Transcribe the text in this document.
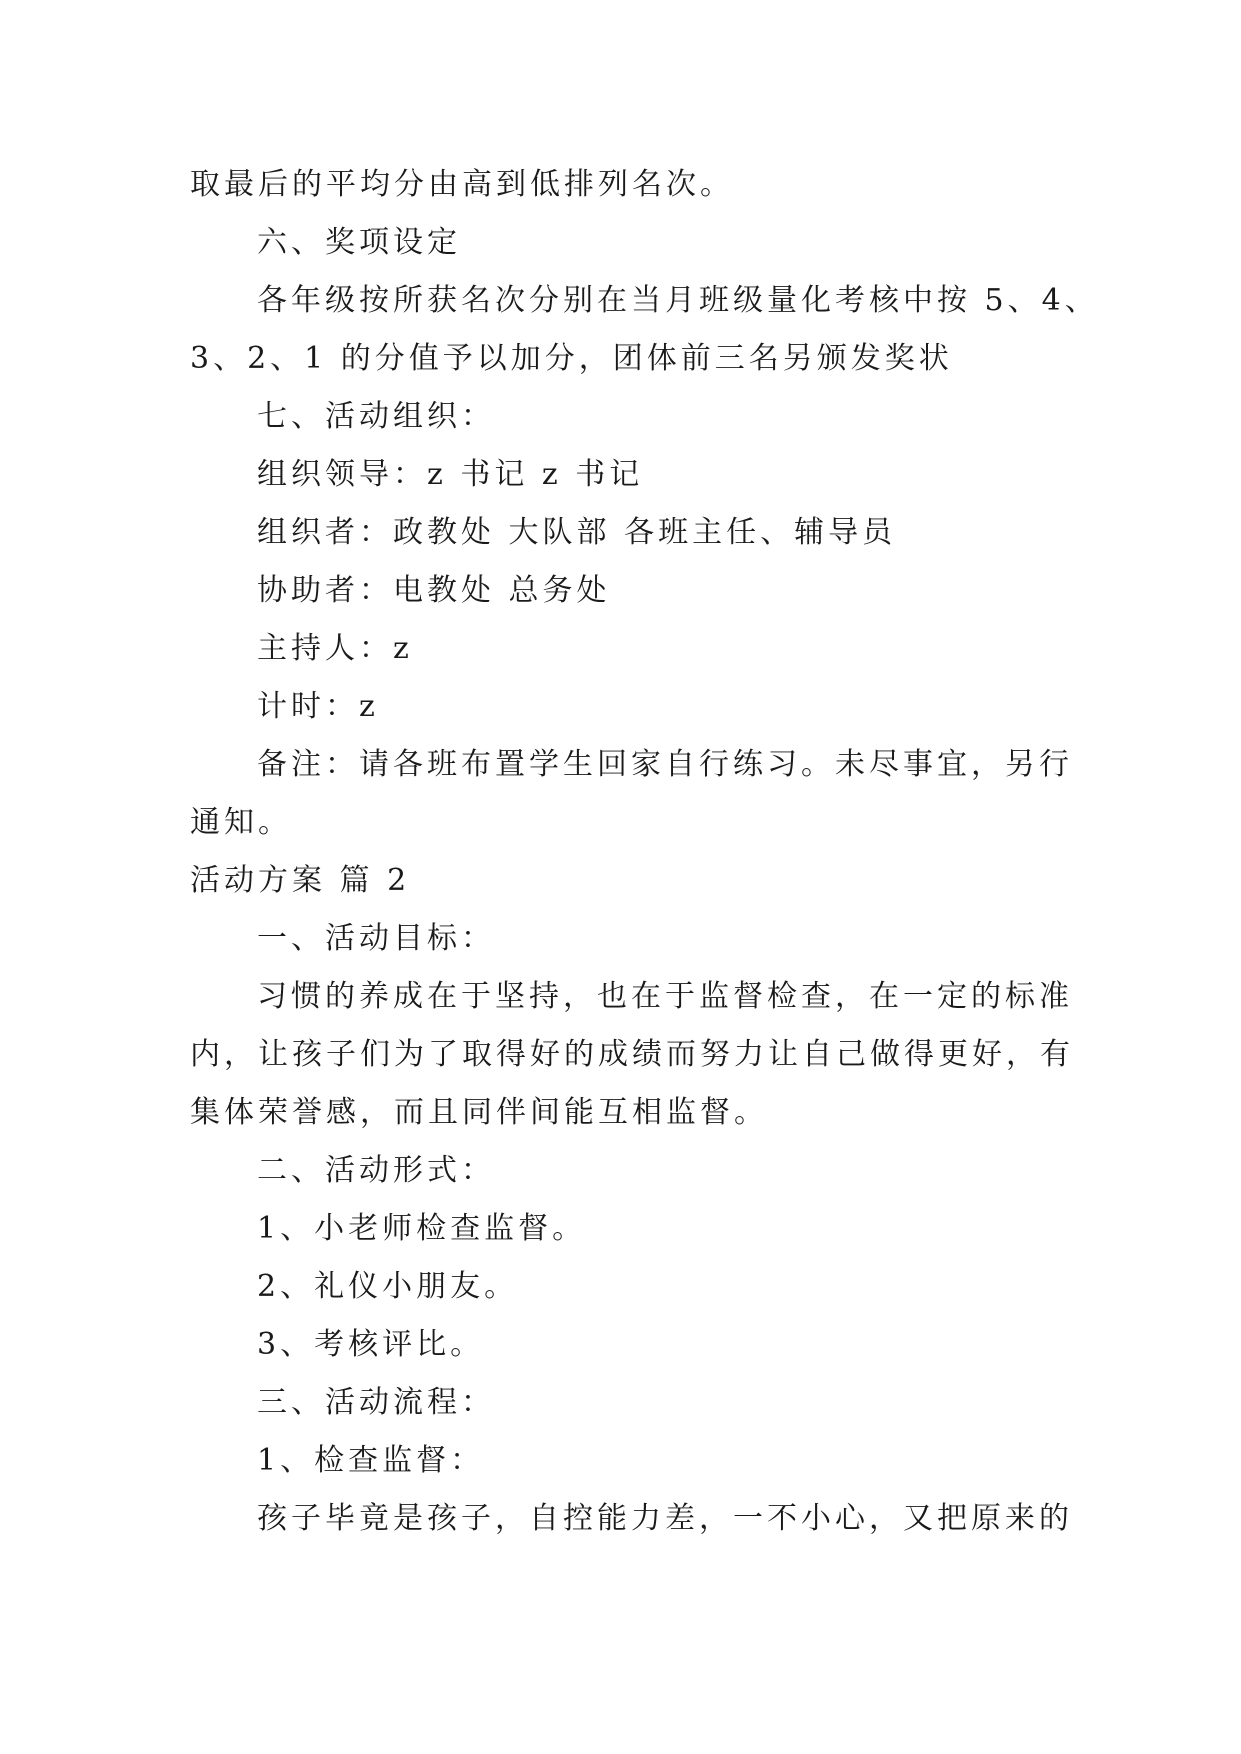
取最后的平均分由高到低排列名次。
六、奖项设定
各年级按所获名次分别在当月班级量化考核中按 5、4、
3、2、1 的分值予以加分，团体前三名另颁发奖状
七、活动组织：
组织领导：z 书记 z 书记
组织者：政教处 大队部 各班主任、辅导员
协助者：电教处 总务处
主持人：z
计时：z
备注：请各班布置学生回家自行练习。未尽事宜，另行
通知。
活动方案 篇 2
一、活动目标：
习惯的养成在于坚持，也在于监督检查，在一定的标准
内，让孩子们为了取得好的成绩而努力让自己做得更好，有
集体荣誉感，而且同伴间能互相监督。
二、活动形式：
1、小老师检查监督。
2、礼仪小朋友。
3、考核评比。
三、活动流程：
1、检查监督：
孩子毕竟是孩子，自控能力差，一不小心，又把原来的
